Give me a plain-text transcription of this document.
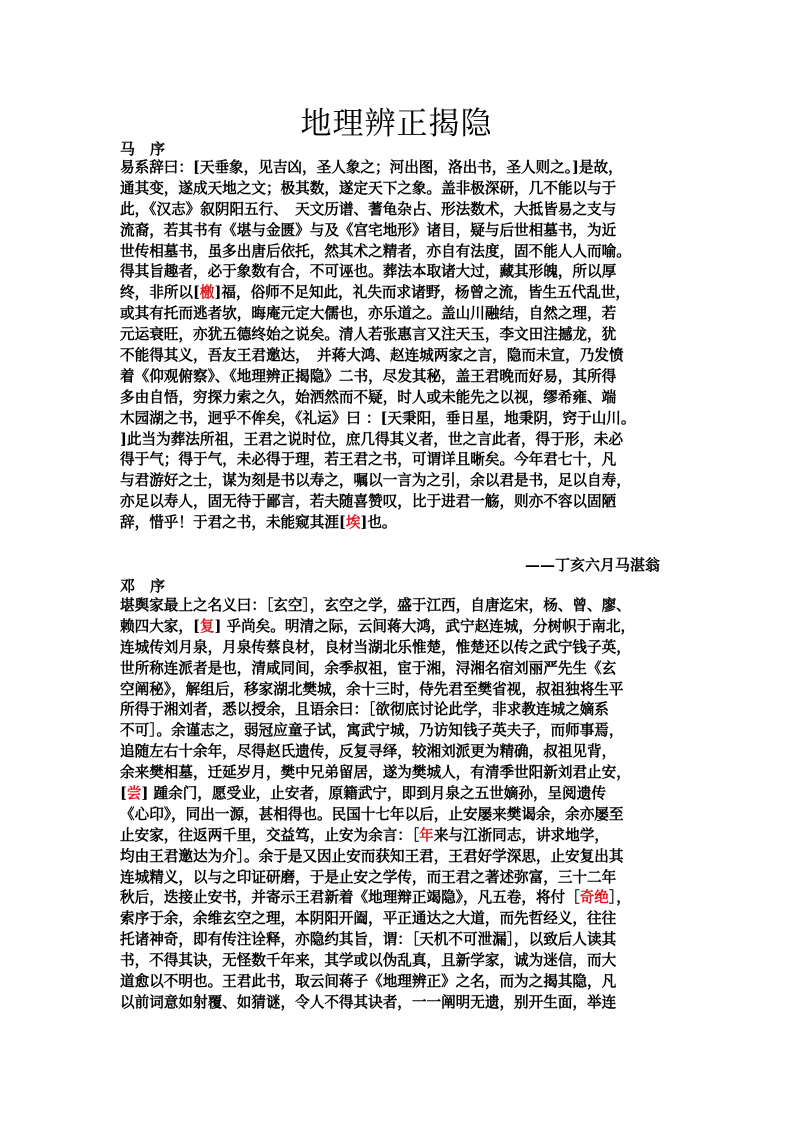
地理辨正揭隐
马　序
易系辞曰：[天垂象，见吉凶，圣人象之；河出图，洛出书，圣人则之。]是故，
通其变，遂成天地之文；极其数，遂定天下之象。盖非极深研，几不能以与于
此，《汉志》叙阴阳五行、　天文历谱、蓍龟杂占、形法数术，大抵皆易之支与
流裔，若其书有《堪与金匮》与及《宫宅地形》诸目，疑与后世相墓书，为近
世传相墓书，虽多出唐后依托，然其术之精者，亦自有法度，固不能人人而喻。
得其旨趣者，必于象数有合，不可诬也。葬法本取诸大过，藏其形魄，所以厚
终，非所以[檄]福，俗师不足知此，礼失而求诸野，杨曾之流，皆生五代乱世，
或其有托而逃者欤，晦庵元定大儒也，亦乐道之。盖山川融结，自然之理，若
元运衰旺，亦犹五德终始之说矣。清人若张惠言又注天玉，李文田注撼龙，犹
不能得其义，吾友王君邀达，　并蒋大鸿、赵连城两家之言，隐而未宣，乃发愤
着《仰观俯察》、《地理辨正揭隐》二书，尽发其秘，盖王君晚而好易，其所得
多由自悟，穷探力索之久，始洒然而不疑，时人或未能先之以视，缪希雍、端
木园湖之书，迥乎不侔矣，《礼运》曰 ：[天秉阳，垂日星，地秉阴，窍于山川。
]此当为葬法所祖，王君之说时位，庶几得其义者，世之言此者，得于形，未必
得于气；得于气，未必得于理，若王君之书，可谓详且晰矣。今年君七十，凡
与君游好之士，谋为刻是书以寿之，嘱以一言为之引，余以君是书，足以自寿，
亦足以寿人，固无待于鄙言，若夫随喜赞叹，比于进君一觞，则亦不容以固陋
辞，惜乎！于君之书，未能窥其涯[埃]也。
——丁亥六月马湛翁
邓　序
堪舆家最上之名义曰：［玄空］，玄空之学，盛于江西，自唐迄宋，杨、曾、廖、
赖四大家，[复] 乎尚矣。明清之际，云间蒋大鸿，武宁赵连城，分树帜于南北，
连城传刘月泉，月泉传蔡良材，良材当湖北乐惟楚，惟楚还以传之武宁钱子英，
世所称连派者是也，清咸同间，余季叔祖，宦于湘，浔湘名宿刘丽严先生《玄
空阐秘》，解组后，移家湖北樊城，余十三时，侍先君至樊省视，叔祖独将生平
所得于湘刘者，悉以授余，且语余曰：［欲彻底讨论此学，非求教连城之嫡系
不可］。余谨志之，弱冠应童子试，寓武宁城，乃访知钱子英夫子，而师事焉，
追随左右十余年，尽得赵氏遗传，反复寻绎，较湘刘派更为精确，叔祖见背，
余来樊相墓，迁延岁月，樊中兄弟留居，遂为樊城人，有清季世阳新刘君止安，
[尝] 踵余门，愿受业，止安者，原籍武宁，即到月泉之五世嫡孙，呈阅遗传
《心印》，同出一源，甚相得也。民国十七年以后，止安屡来樊谒余，余亦屡至
止安家，往返两千里，交益笃，止安为余言：［年来与江浙同志，讲求地学，
均由王君邀达为介］。余于是又因止安而获知王君，王君好学深思，止安复出其
连城精义，以与之印证研磨，于是止安之学传，而王君之著述弥富，三十二年
秋后，迭接止安书，并寄示王君新着《地理辩正竭隐》，凡五卷，将付［奇绝］，
索序于余，余维玄空之理，本阴阳开阖，平正通达之大道，而先哲经义，往往
托诸神奇，即有传注诠释，亦隐约其旨，谓：［天机不可泄漏］，以致后人读其
书，不得其诀，无怪数千年来，其学或以伪乱真，且新学家，诚为迷信，而大
道愈以不明也。王君此书，取云间蒋子《地理辨正》之名，而为之揭其隐，凡
以前词意如射覆、如猜谜，令人不得其诀者，一一阐明无遗，别开生面，举连
